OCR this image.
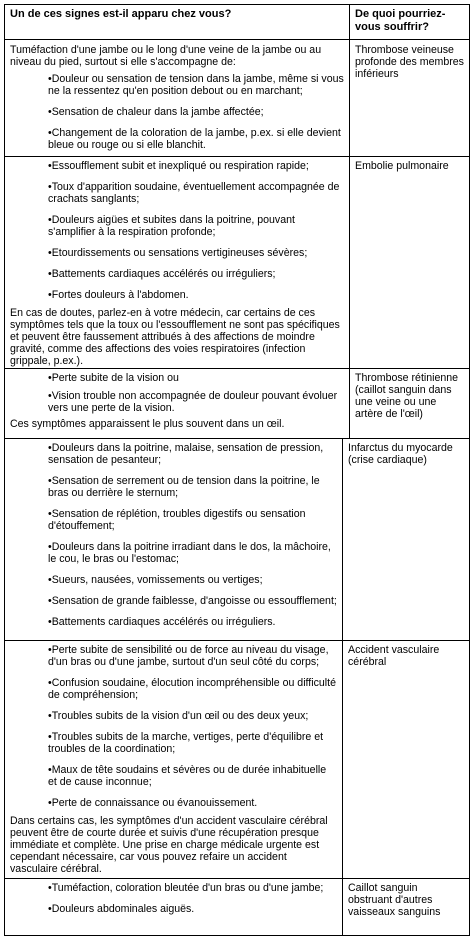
Un de ces signes est-il apparu chez vous?	De quoi pourriez-vous souffrir?

Tuméfaction d'une jambe ou le long d'une veine de la jambe ou au niveau du pied, surtout si elle s'accompagne de:

• Douleur ou sensation de tension dans la jambe, même si vous ne la ressentez qu'en position debout ou en marchant;
• Sensation de chaleur dans la jambe affectée;
• Changement de la coloration de la jambe, p.ex. si elle devient bleue ou rouge ou si elle blanchit.
Thrombose veineuse profonde des membres inférieurs
• Essoufflement subit et inexpliqué ou respiration rapide;
• Toux d'apparition soudaine, éventuellement accompagnée de crachats sanglants;
• Douleurs aigües et subites dans la poitrine, pouvant s'amplifier à la respiration profonde;
• Etourdissements ou sensations vertigineuses sévères;
• Battements cardiaques accélérés ou irréguliers;
• Fortes douleurs à l'abdomen.

En cas de doutes, parlez-en à votre médecin, car certains de ces symptômes tels que la toux ou l'essoufflement ne sont pas spécifiques et peuvent être faussement attribués à des affections de moindre gravité, comme des affections des voies respiratoires (infection grippale, p.ex.).

Embolie pulmonaire
• Perte subite de la vision ou
• Vision trouble non accompagnée de douleur pouvant évoluer vers une perte de la vision.

Ces symptômes apparaissent le plus souvent dans un œil.

Thrombose rétinienne (caillot sanguin dans une veine ou une artère de l'œil)
• Douleurs dans la poitrine, malaise, sensation de pression, sensation de pesanteur;
• Sensation de serrement ou de tension dans la poitrine, le bras ou derrière le sternum;
• Sensation de réplétion, troubles digestifs ou sensation d'étouffement;
• Douleurs dans la poitrine irradiant dans le dos, la mâchoire, le cou, le bras ou l'estomac;
• Sueurs, nausées, vomissements ou vertiges;
• Sensation de grande faiblesse, d'angoisse ou essoufflement;
• Battements cardiaques accélérés ou irréguliers.
Infarctus du myocarde (crise cardiaque)
• Perte subite de sensibilité ou de force au niveau du visage, d'un bras ou d'une jambe, surtout d'un seul côté du corps;
• Confusion soudaine, élocution incompréhensible ou difficulté de compréhension;
• Troubles subits de la vision d'un œil ou des deux yeux;
• Troubles subits de la marche, vertiges, perte d'équilibre et troubles de la coordination;
• Maux de tête soudains et sévères ou de durée inhabituelle et de cause inconnue;
• Perte de connaissance ou évanouissement.

Dans certains cas, les symptômes d'un accident vasculaire cérébral peuvent être de courte durée et suivis d'une récupération presque immédiate et complète. Une prise en charge médicale urgente est cependant nécessaire, car vous pouvez refaire un accident vasculaire cérébral.

Accident vasculaire cérébral
• Tuméfaction, coloration bleutée d'un bras ou d'une jambe;
• Douleurs abdominales aiguës.
Caillot sanguin obstruant d'autres vaisseaux sanguins
